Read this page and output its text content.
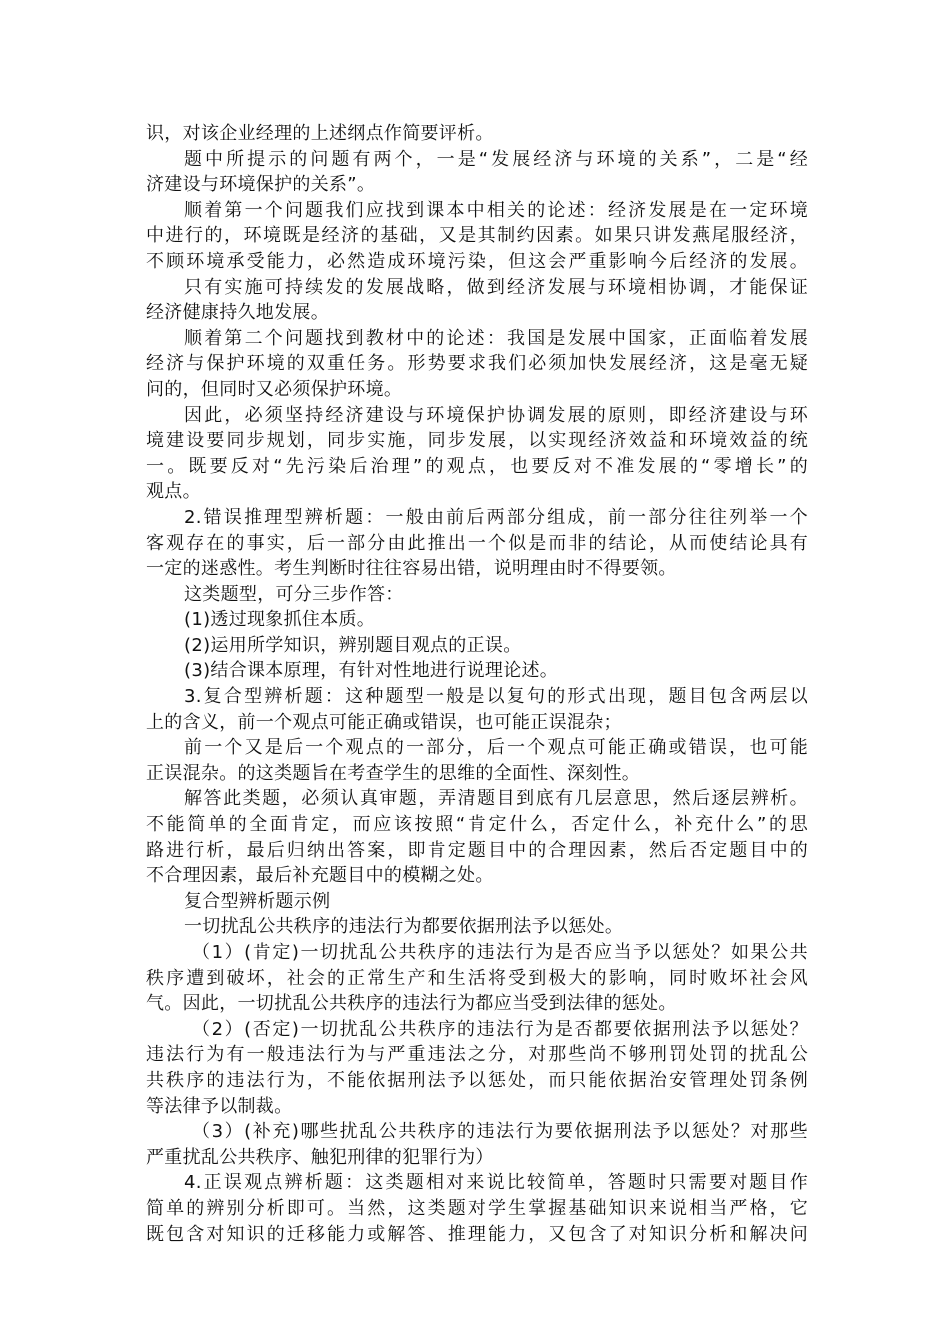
识，对该企业经理的上述纲点作简要评析。
题中所提示的问题有两个，一是“发展经济与环境的关系”，二是“经
济建设与环境保护的关系”。
顺着第一个问题我们应找到课本中相关的论述：经济发展是在一定环境
中进行的，环境既是经济的基础，又是其制约因素。如果只讲发燕尾服经济，
不顾环境承受能力，必然造成环境污染，但这会严重影响今后经济的发展。
只有实施可持续发的发展战略，做到经济发展与环境相协调，才能保证
经济健康持久地发展。
顺着第二个问题找到教材中的论述：我国是发展中国家，正面临着发展
经济与保护环境的双重任务。形势要求我们必须加快发展经济，这是毫无疑
问的，但同时又必须保护环境。
因此，必须坚持经济建设与环境保护协调发展的原则，即经济建设与环
境建设要同步规划，同步实施，同步发展，以实现经济效益和环境效益的统
一。既要反对“先污染后治理”的观点，也要反对不准发展的“零增长”的
观点。
2.错误推理型辨析题：一般由前后两部分组成，前一部分往往列举一个
客观存在的事实，后一部分由此推出一个似是而非的结论，从而使结论具有
一定的迷惑性。考生判断时往往容易出错，说明理由时不得要领。
这类题型，可分三步作答：
(1)透过现象抓住本质。
(2)运用所学知识，辨别题目观点的正误。
(3)结合课本原理，有针对性地进行说理论述。
3.复合型辨析题：这种题型一般是以复句的形式出现，题目包含两层以
上的含义，前一个观点可能正确或错误，也可能正误混杂；
前一个又是后一个观点的一部分，后一个观点可能正确或错误，也可能
正误混杂。的这类题旨在考查学生的思维的全面性、深刻性。
解答此类题，必须认真审题，弄清题目到底有几层意思，然后逐层辨析。
不能简单的全面肯定，而应该按照“肯定什么，否定什么，补充什么”的思
路进行析，最后归纳出答案，即肯定题目中的合理因素，然后否定题目中的
不合理因素，最后补充题目中的模糊之处。
复合型辨析题示例
一切扰乱公共秩序的违法行为都要依据刑法予以惩处。
（1）(肯定)一切扰乱公共秩序的违法行为是否应当予以惩处？如果公共
秩序遭到破坏，社会的正常生产和生活将受到极大的影响，同时败坏社会风
气。因此，一切扰乱公共秩序的违法行为都应当受到法律的惩处。
（2）(否定)一切扰乱公共秩序的违法行为是否都要依据刑法予以惩处？
违法行为有一般违法行为与严重违法之分，对那些尚不够刑罚处罚的扰乱公
共秩序的违法行为，不能依据刑法予以惩处，而只能依据治安管理处罚条例
等法律予以制裁。
（3）(补充)哪些扰乱公共秩序的违法行为要依据刑法予以惩处？对那些
严重扰乱公共秩序、触犯刑律的犯罪行为）
4.正误观点辨析题：这类题相对来说比较简单，答题时只需要对题目作
简单的辨别分析即可。当然，这类题对学生掌握基础知识来说相当严格，它
既包含对知识的迁移能力或解答、推理能力，又包含了对知识分析和解决问
